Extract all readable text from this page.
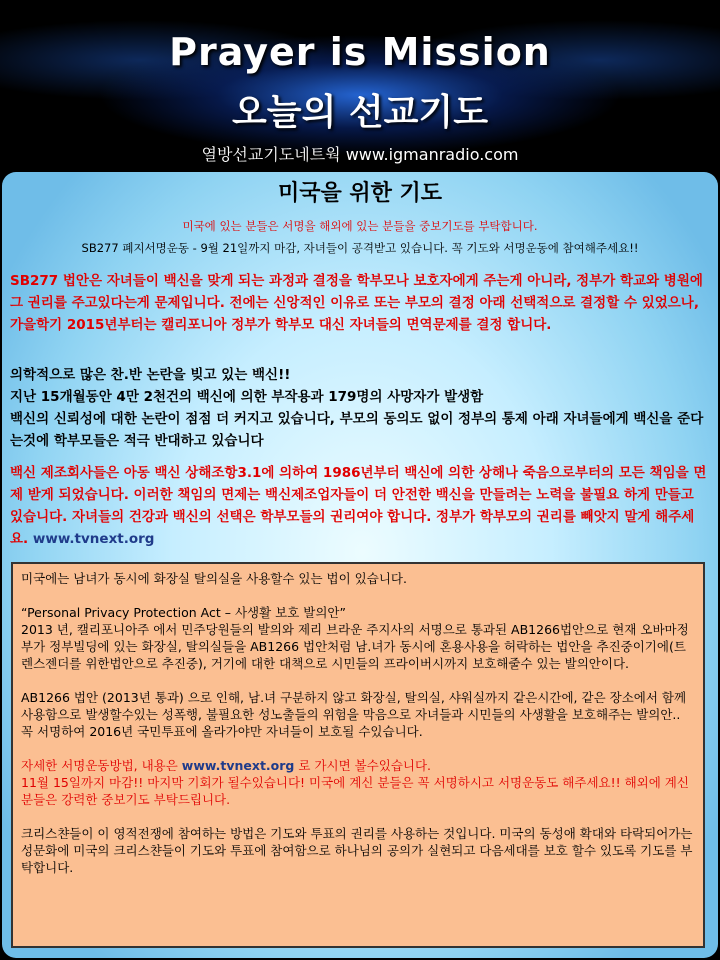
Prayer is Mission
오늘의 선교기도
열방선교기도네트웍 www.igmanradio.com
미국을 위한 기도
미국에 있는 분들은 서명을 해외에 있는 분들을 중보기도를 부탁합니다.
SB277 폐지서명운동 - 9월 21일까지 마감, 자녀들이 공격받고 있습니다. 꼭 기도와 서명운동에 참여해주세요!!
SB277 법안은 자녀들이 백신을 맞게 되는 과정과 결정을 학부모나 보호자에게 주는게 아니라, 정부가 학교와 병원에 그 권리를 주고있다는게 문제입니다. 전에는 신앙적인 이유로 또는 부모의 결정 아래 선택적으로 결정할 수 있었으나, 가을학기 2015년부터는 캘리포니아 정부가 학부모 대신 자녀들의 면역문제를 결정 합니다.
의학적으로 많은 찬.반 논란을 빚고 있는 백신!!
지난 15개월동안 4만 2천건의 백신에 의한 부작용과 179명의 사망자가 발생함
백신의 신뢰성에 대한 논란이 점점 더 커지고 있습니다, 부모의 동의도 없이 정부의 통제 아래 자녀들에게 백신을 준다는것에 학부모들은 적극 반대하고 있습니다
백신 제조회사들은 아동 백신 상해조항3.1에 의하여 1986년부터 백신에 의한 상해나 죽음으로부터의 모든 책임을 면제 받게 되었습니다. 이러한 책임의 면제는 백신제조업자들이 더 안전한 백신을 만들려는 노력을 불필요 하게 만들고 있습니다. 자녀들의 건강과 백신의 선택은 학부모들의 권리여야 합니다. 정부가 학부모의 권리를 빼앗지 말게 해주세요. www.tvnext.org

미국에는 남녀가 동시에 화장실 탈의실을 사용할수 있는 법이 있습니다.

“Personal Privacy Protection Act – 사생활 보호 발의안”

2013 년, 캘리포니아주 에서 민주당원들의 발의와 제리 브라운 주지사의 서명으로 통과된 AB1266법안으로 현재 오바마정부가 정부빌딩에 있는 화장실, 탈의실들을 AB1266 법안처럼 남.녀가 동시에 혼용사용을 허락하는 법안을 추진중이기에(트렌스젠더를 위한법안으로 추진중), 거기에 대한 대책으로 시민들의 프라이버시까지 보호해줄수 있는 발의안이다.

AB1266 법안 (2013년 통과) 으로 인해, 남.녀 구분하지 않고 화장실, 탈의실, 샤워실까지 같은시간에, 같은 장소에서 함께 사용함으로 발생할수있는 성폭행, 불필요한 성노출들의 위험을 막음으로 자녀들과 시민들의 사생활을 보호해주는 발의안.. 꼭 서명하여 2016년 국민투표에 올라가야만 자녀들이 보호될 수있습니다.

자세한 서명운동방법, 내용은 www.tvnext.org 로 가시면 볼수있습니다.

11월 15일까지 마감!! 마지막 기회가 될수있습니다! 미국에 계신 분들은 꼭 서명하시고 서명운동도 해주세요!! 해외에 계신 분들은 강력한 중보기도 부탁드립니다.

크리스챤들이 이 영적전쟁에 참여하는 방법은 기도와 투표의 권리를 사용하는 것입니다. 미국의 동성애 확대와 타락되어가는 성문화에 미국의 크리스챤들이 기도와 투표에 참여함으로 하나님의 공의가 실현되고 다음세대를 보호 할수 있도록 기도를 부탁합니다.
